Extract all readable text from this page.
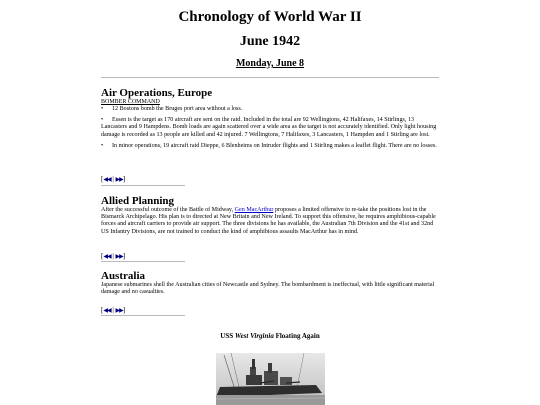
Chronology of World War II
June 1942
Monday, June 8
Air Operations, Europe

BOMBER COMMAND

•	12 Bostons bomb the Bruges port area without a loss.
•	Essen is the target as 170 aircraft are sent on the raid. Included in the total are 92 Wellingtons, 42 Halifaxes, 14 Stirlings, 13 Lancasters and 9 Hampdens. Bomb loads are again scattered over a wide area as the target is not accurately identified. Only light housing damage is recorded as 13 people are killed and 42 injured. 7 Wellingtons, 7 Halifaxes, 3 Lancasters, 1 Hampden and 1 Stirling are lost.
•	In minor operations, 19 aircraft raid Dieppe, 6 Blenheims on Intruder flights and 1 Stirling makes a leaflet flight. There are no losses.
[◀◀ | ▶▶]
Allied Planning

After the successful outcome of the Battle of Midway, Gen MacArthur proposes a limited offensive to re-take the positions lost in the Bismarck Archipelago. His plan is to directed at New Britain and New Ireland. To support this offensive, he requires amphibious-capable forces and aircraft carriers to provide air support. The three divisions he has available, the Australian 7th Division and the 41st and 32nd US Infantry Divisions, are not trained to conduct the kind of amphibious assaults MacArthur has in mind.

[◀◀ | ▶▶]
Australia

Japanese submarines shell the Australian cities of Newcastle and Sydney. The bombardment is ineffectual, with little significant material damage and no casualties.

[◀◀ | ▶▶]
USS West Virginia Floating Again
